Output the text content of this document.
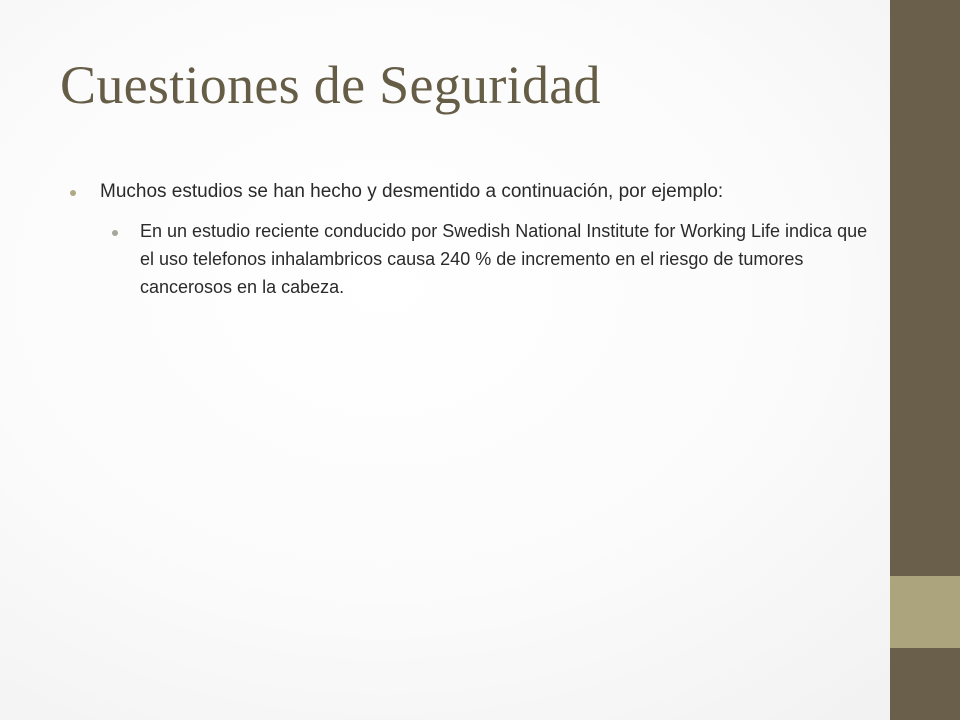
Cuestiones de Seguridad
Muchos estudios se han hecho y desmentido a continuación, por ejemplo:
En un estudio reciente conducido por Swedish National Institute for Working Life indica que el uso telefonos inhalambricos causa 240 % de incremento en el riesgo de tumores cancerosos en la cabeza.
